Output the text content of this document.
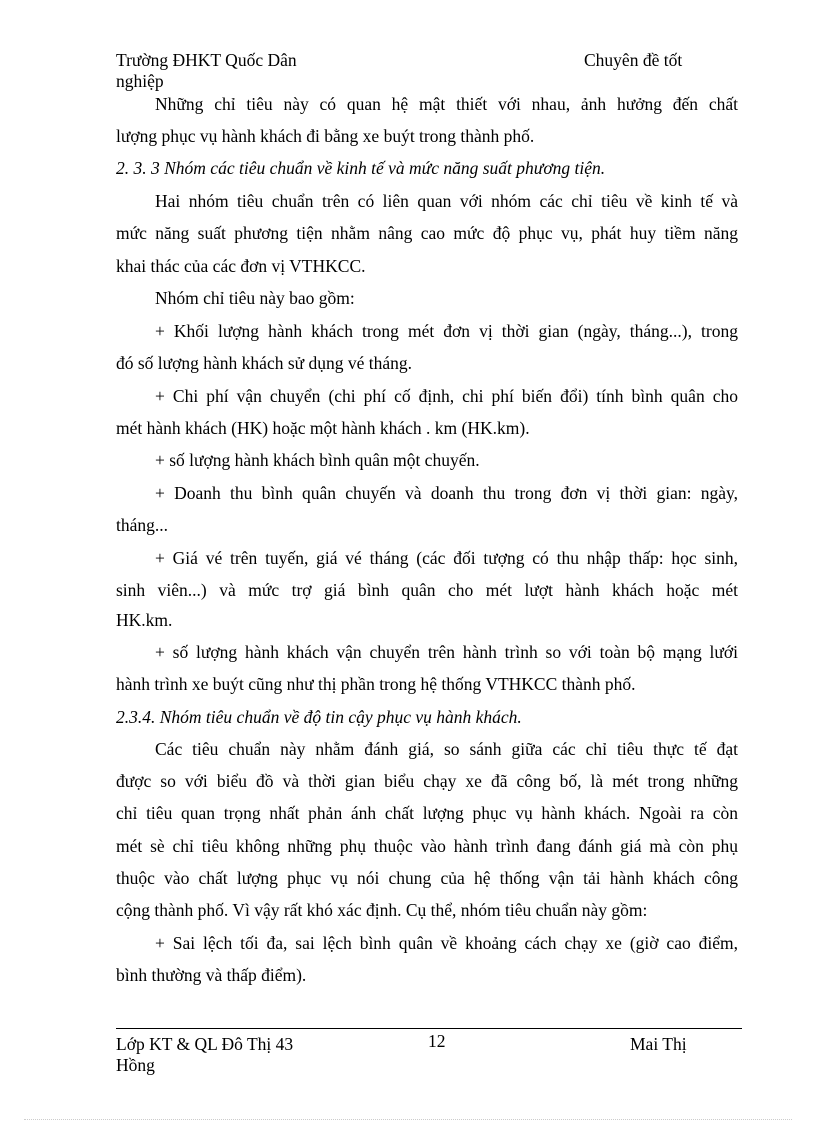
Trường ĐHKT Quốc Dân	Chuyên đề tốt
nghiệp
Những chỉ tiêu này có quan hệ mật thiết với nhau, ảnh hưởng đến chất
lượng phục vụ hành khách đi bằng xe buýt trong thành phố.
2. 3. 3 Nhóm các tiêu chuẩn về kinh tế và mức năng suất phương tiện.
Hai nhóm tiêu chuẩn trên có liên quan với nhóm các chỉ tiêu về kinh tế và
mức năng suất phương tiện nhằm nâng cao mức độ phục vụ, phát huy tiềm năng
khai thác của các đơn vị VTHKCC.
Nhóm chỉ tiêu này bao gồm:
+ Khối lượng hành khách trong mét đơn vị thời gian (ngày, tháng...), trong
đó số lượng hành khách sử dụng vé tháng.
+ Chi phí vận chuyển (chi phí cố định, chi phí biến đổi) tính bình quân cho
mét hành khách (HK) hoặc một hành khách . km (HK.km).
+ số lượng hành khách bình quân một chuyến.
+ Doanh thu bình quân chuyến và doanh thu trong đơn vị thời gian: ngày,
tháng...
+ Giá vé trên tuyến, giá vé tháng (các đối tượng có thu nhập thấp: học sinh,
sinh viên...) và mức trợ giá bình quân cho mét lượt hành khách hoặc mét
HK.km.
+ số lượng hành khách vận chuyển trên hành trình so với toàn bộ mạng lưới
hành trình xe buýt cũng như thị phần trong hệ thống VTHKCC thành phố.
2.3.4. Nhóm tiêu chuẩn về độ tin cậy phục vụ hành khách.
Các tiêu chuẩn này nhằm đánh giá, so sánh giữa các chỉ tiêu thực tế đạt
được so với biểu đồ và thời gian biểu chạy xe đã công bố, là mét trong những
chỉ tiêu quan trọng nhất phản ánh chất lượng phục vụ hành khách. Ngoài ra còn
mét sè chỉ tiêu không những phụ thuộc vào hành trình đang đánh giá mà còn phụ
thuộc vào chất lượng phục vụ nói chung của hệ thống vận tải hành khách công
cộng thành phố. Vì vậy rất khó xác định. Cụ thể, nhóm tiêu chuẩn này gồm:
+ Sai lệch tối đa, sai lệch bình quân về khoảng cách chạy xe (giờ cao điểm,
bình thường và thấp điểm).
Lớp KT & QL Đô Thị 43	12	Mai Thị
Hồng
